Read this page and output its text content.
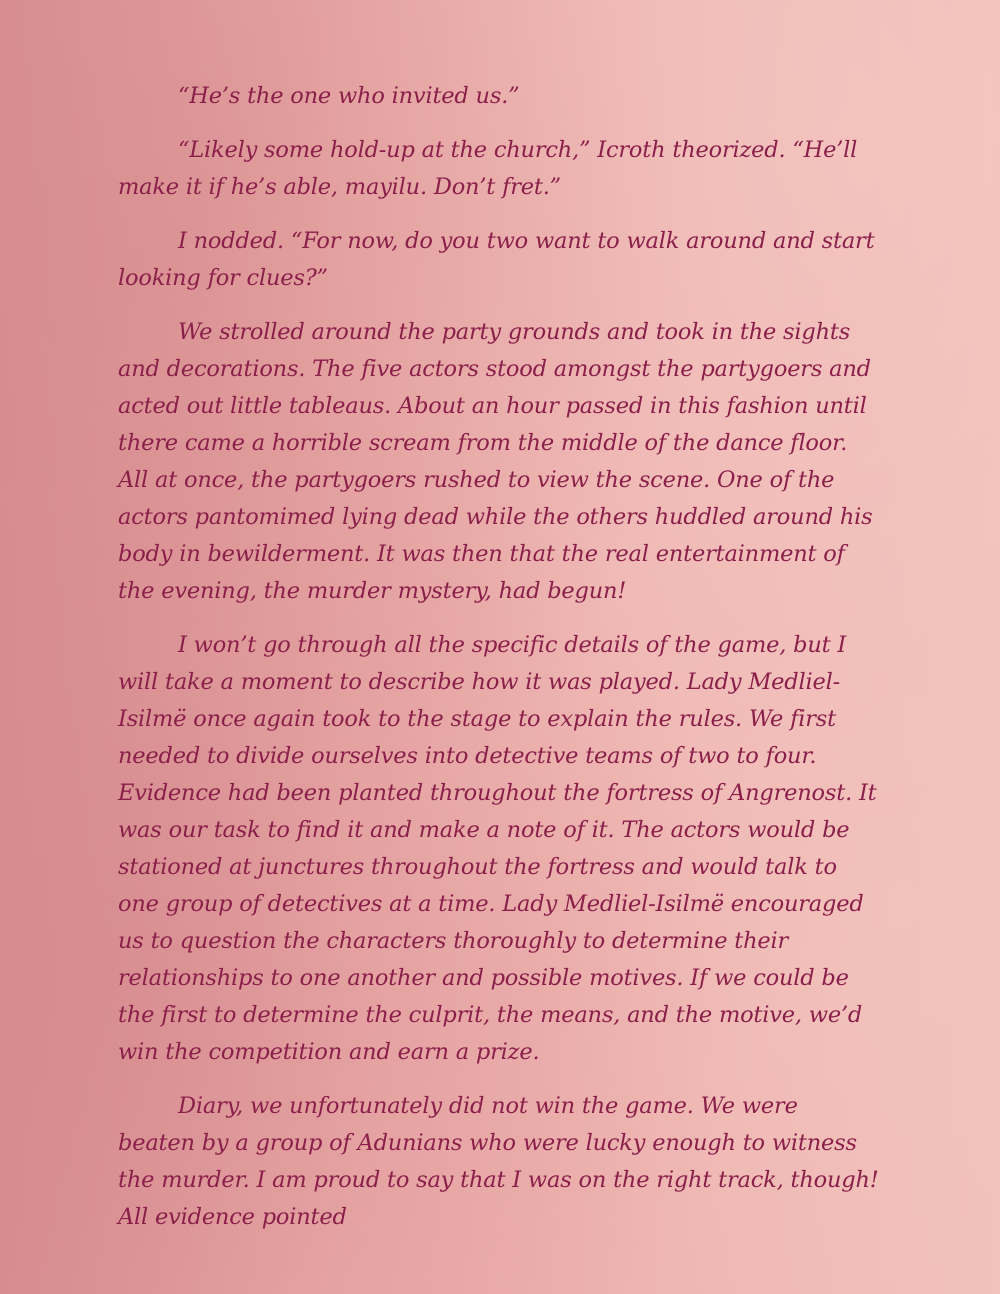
“He’s the one who invited us.”

“Likely some hold-up at the church,” Icroth theorized. “He’ll make it if he’s able, mayilu. Don’t fret.”

I nodded. “For now, do you two want to walk around and start looking for clues?”

We strolled around the party grounds and took in the sights and decorations. The five actors stood amongst the partygoers and acted out little tableaus. About an hour passed in this fashion until there came a horrible scream from the middle of the dance floor. All at once, the partygoers rushed to view the scene. One of the actors pantomimed lying dead while the others huddled around his body in bewilderment. It was then that the real entertainment of the evening, the murder mystery, had begun!

I won’t go through all the specific details of the game, but I will take a moment to describe how it was played. Lady Medliel-Isilmë once again took to the stage to explain the rules. We first needed to divide ourselves into detective teams of two to four. Evidence had been planted throughout the fortress of Angrenost. It was our task to find it and make a note of it. The actors would be stationed at junctures throughout the fortress and would talk to one group of detectives at a time. Lady Medliel-Isilmë encouraged us to question the characters thoroughly to determine their relationships to one another and possible motives. If we could be the first to determine the culprit, the means, and the motive, we’d win the competition and earn a prize.

Diary, we unfortunately did not win the game. We were beaten by a group of Adunians who were lucky enough to witness the murder. I am proud to say that I was on the right track, though! All evidence pointed
